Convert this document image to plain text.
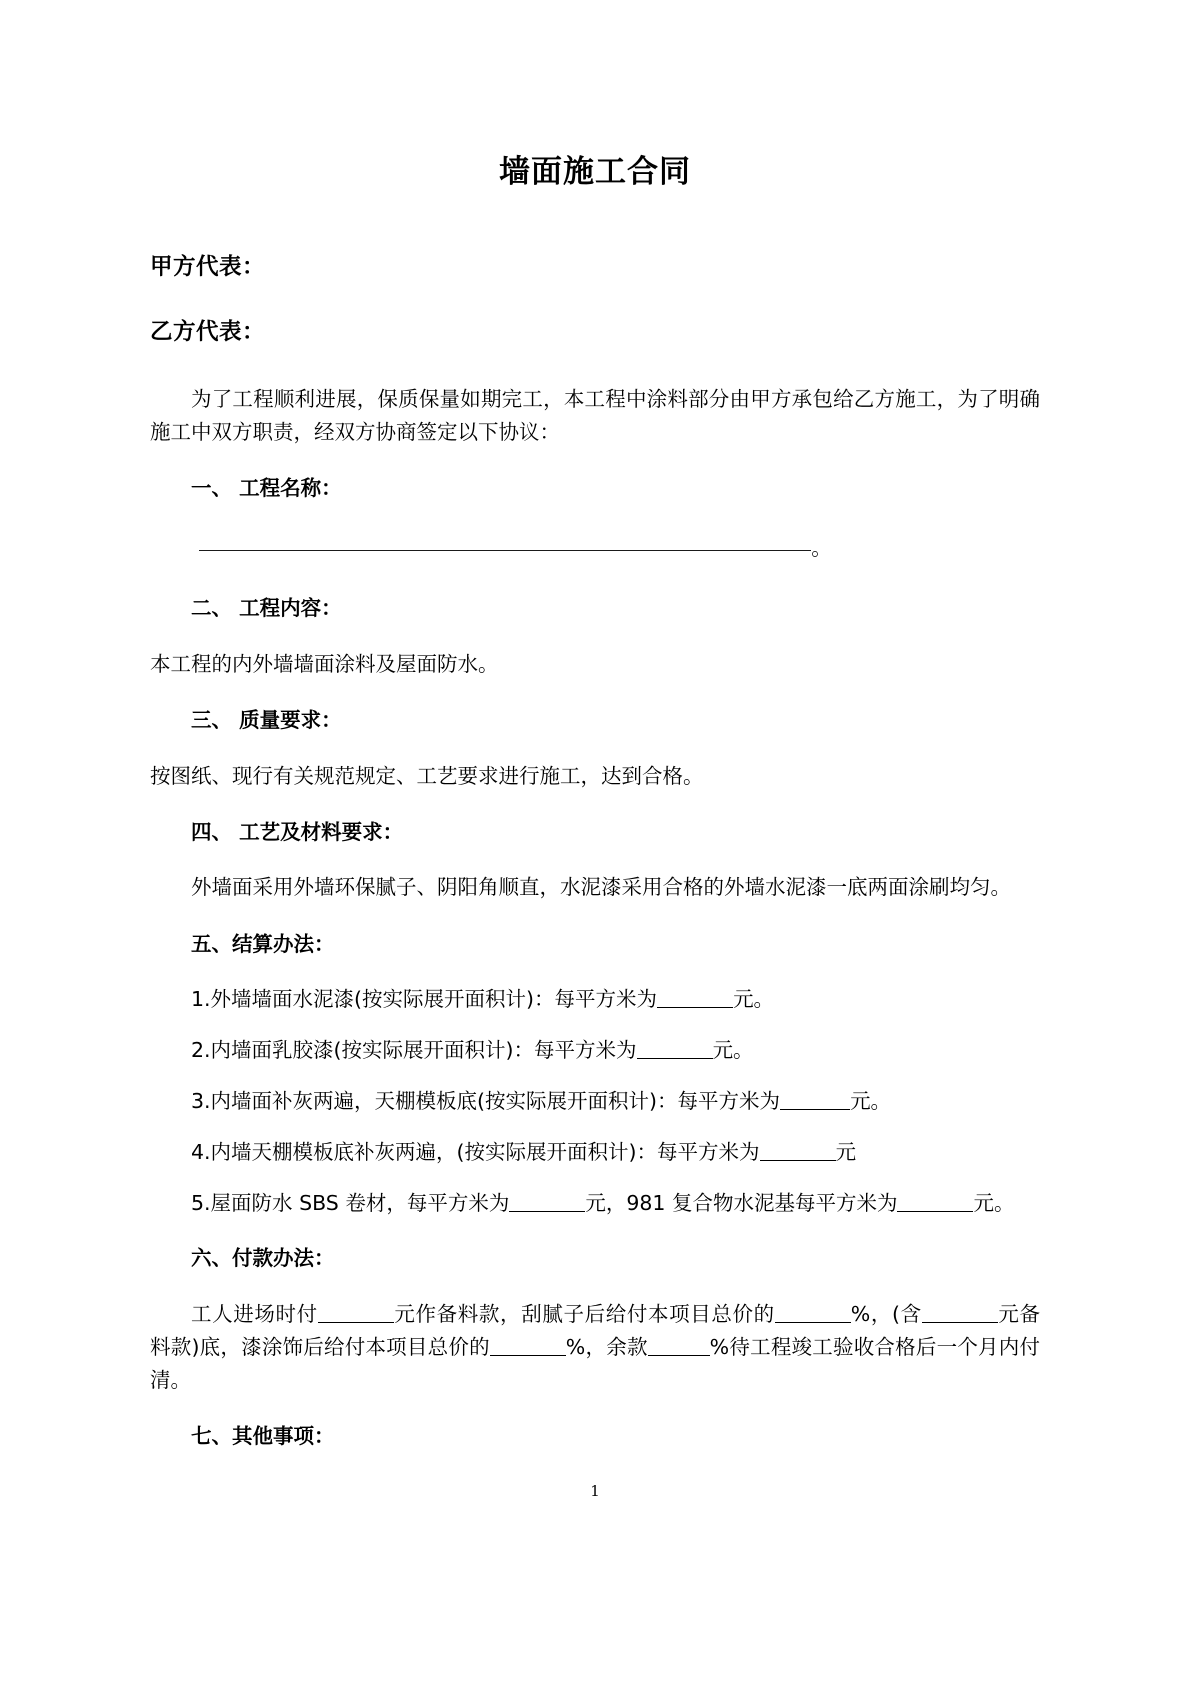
墙面施工合同
甲方代表：
乙方代表：

为了工程顺利进展，保质保量如期完工，本工程中涂料部分由甲方承包给乙方施工，为了明确施工中双方职责，经双方协商签定以下协议：

一、 工程名称：
。
二、 工程内容：

本工程的内外墙墙面涂料及屋面防水。

三、 质量要求：

按图纸、现行有关规范规定、工艺要求进行施工，达到合格。

四、 工艺及材料要求：

外墙面采用外墙环保腻子、阴阳角顺直，水泥漆采用合格的外墙水泥漆一底两面涂刷均匀。

五、结算办法：

1.外墙墙面水泥漆(按实际展开面积计)：每平方米为	元。

2.内墙面乳胶漆(按实际展开面积计)：每平方米为	元。

3.内墙面补灰两遍，天棚模板底(按实际展开面积计)：每平方米为	元。

4.内墙天棚模板底补灰两遍，(按实际展开面积计)：每平方米为	元

5.屋面防水 SBS 卷材，每平方米为	元，981 复合物水泥基每平方米为	元。

六、付款办法：

工人进场时付	元作备料款，刮腻子后给付本项目总价的	%，(含	元备料款)底，漆涂饰后给付本项目总价的	%，余款	%待工程竣工验收合格后一个月内付清。

七、其他事项：
1
